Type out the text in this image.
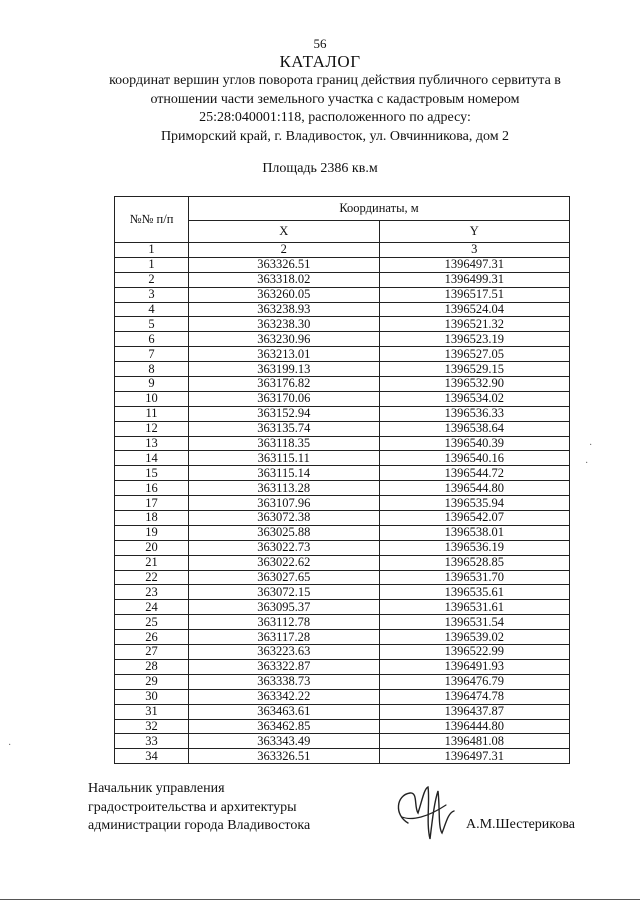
56
КАТАЛОГ
координат вершин углов поворота границ действия публичного сервитута в
отношении части земельного участка с кадастровым номером
25:28:040001:118, расположенного по адресу:
Приморский край, г. Владивосток, ул. Овчинникова, дом 2
Площадь 2386 кв.м
№№ п/п	Координаты, м	
	X	Y
1	2	3
1	363326.51	1396497.31
2	363318.02	1396499.31
3	363260.05	1396517.51
4	363238.93	1396524.04
5	363238.30	1396521.32
6	363230.96	1396523.19
7	363213.01	1396527.05
8	363199.13	1396529.15
9	363176.82	1396532.90
10	363170.06	1396534.02
11	363152.94	1396536.33
12	363135.74	1396538.64
13	363118.35	1396540.39
14	363115.11	1396540.16
15	363115.14	1396544.72
16	363113.28	1396544.80
17	363107.96	1396535.94
18	363072.38	1396542.07
19	363025.88	1396538.01
20	363022.73	1396536.19
21	363022.62	1396528.85
22	363027.65	1396531.70
23	363072.15	1396535.61
24	363095.37	1396531.61
25	363112.78	1396531.54
26	363117.28	1396539.02
27	363223.63	1396522.99
28	363322.87	1396491.93
29	363338.73	1396476.79
30	363342.22	1396474.78
31	363463.61	1396437.87
32	363462.85	1396444.80
33	363343.49	1396481.08
34	363326.51	1396497.31
Начальник управления
градостроительства и архитектуры
администрации города Владивостока	А.М.Шестерикова
·
·
·
